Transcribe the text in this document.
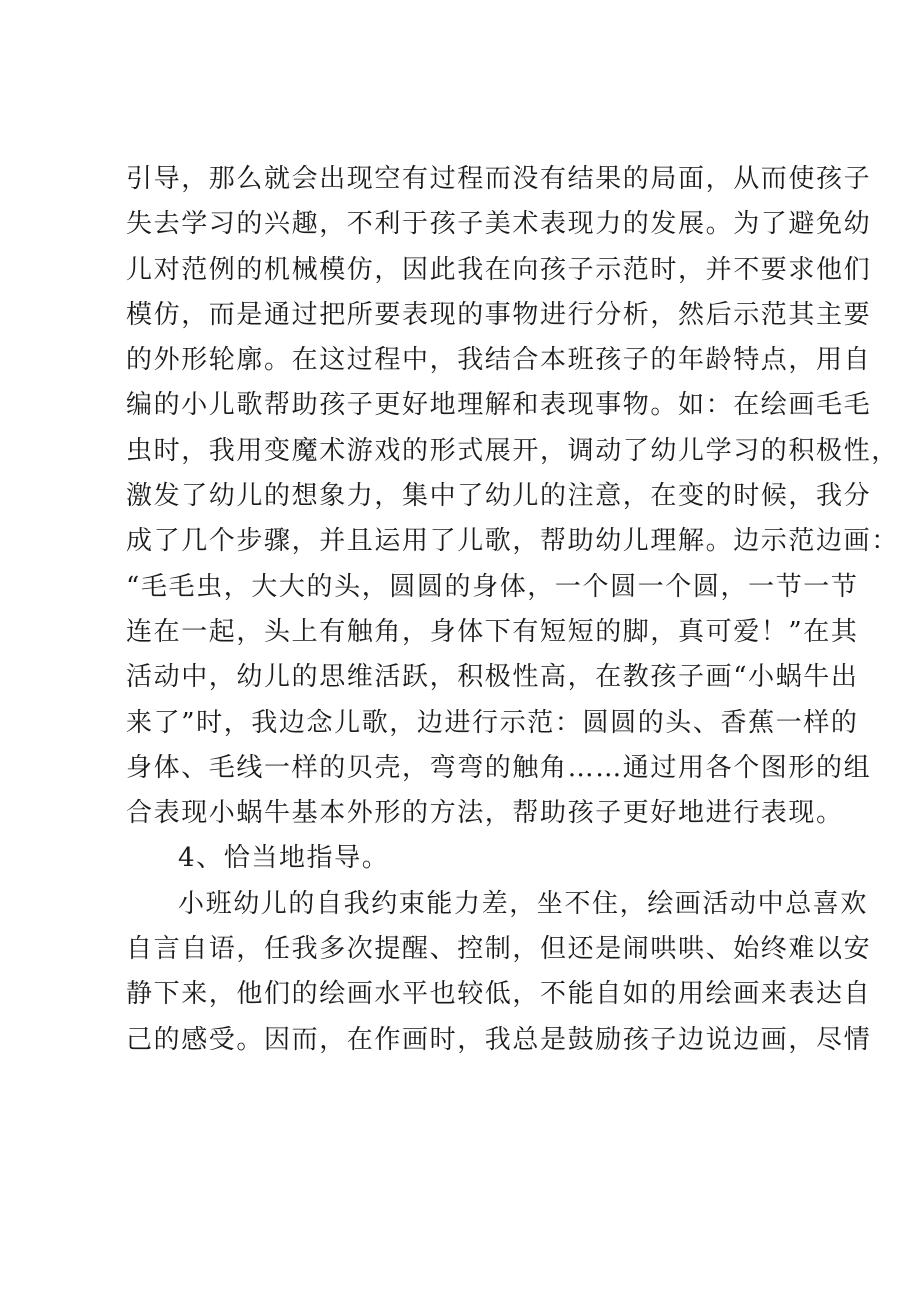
引导，那么就会出现空有过程而没有结果的局面，从而使孩子
失去学习的兴趣，不利于孩子美术表现力的发展。为了避免幼
儿对范例的机械模仿，因此我在向孩子示范时，并不要求他们
模仿，而是通过把所要表现的事物进行分析，然后示范其主要
的外形轮廓。在这过程中，我结合本班孩子的年龄特点，用自
编的小儿歌帮助孩子更好地理解和表现事物。如：在绘画毛毛
虫时，我用变魔术游戏的形式展开，调动了幼儿学习的积极性，
激发了幼儿的想象力，集中了幼儿的注意，在变的时候，我分
成了几个步骤，并且运用了儿歌，帮助幼儿理解。边示范边画：
“毛毛虫，大大的头，圆圆的身体，一个圆一个圆，一节一节
连在一起，头上有触角，身体下有短短的脚，真可爱！”在其
活动中，幼儿的思维活跃，积极性高，在教孩子画“小蜗牛出
来了”时，我边念儿歌，边进行示范：圆圆的头、香蕉一样的
身体、毛线一样的贝壳，弯弯的触角……通过用各个图形的组
合表现小蜗牛基本外形的方法，帮助孩子更好地进行表现。
4、恰当地指导。
小班幼儿的自我约束能力差，坐不住，绘画活动中总喜欢
自言自语，任我多次提醒、控制，但还是闹哄哄、始终难以安
静下来，他们的绘画水平也较低，不能自如的用绘画来表达自
己的感受。因而，在作画时，我总是鼓励孩子边说边画，尽情
